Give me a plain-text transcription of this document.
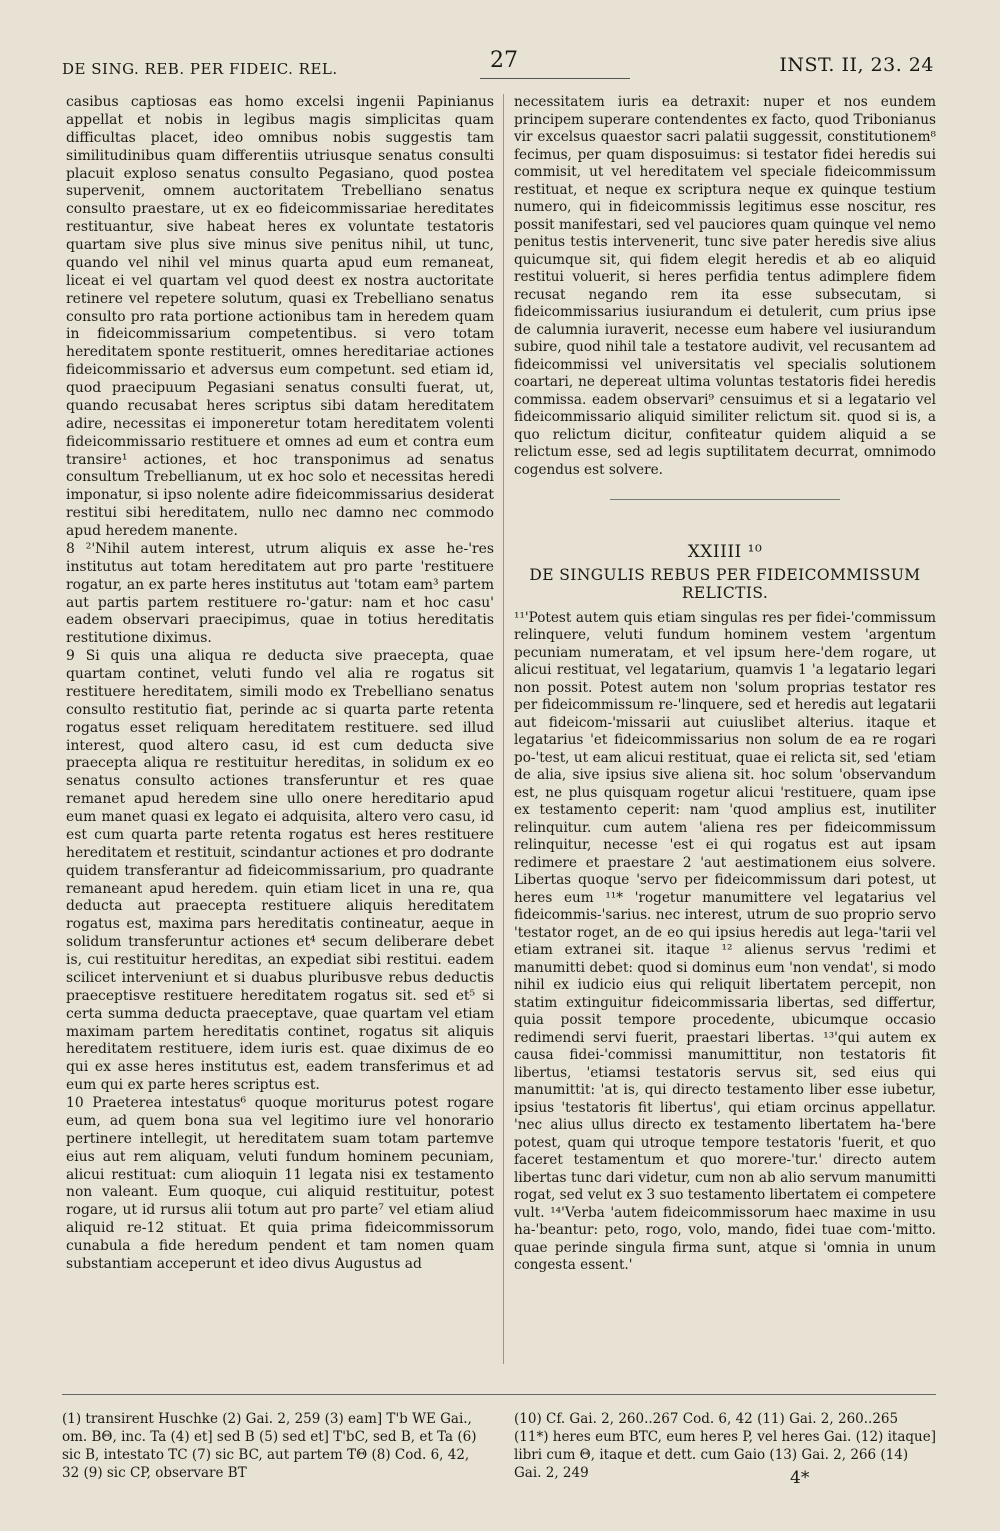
DE SING. REB. PER FIDEIC. REL.	27	INST. II, 23. 24

casibus captiosas eas homo excelsi ingenii Papinianus appellat et nobis in legibus magis simplicitas quam difficultas placet, ideo omnibus nobis suggestis tam similitudinibus quam differentiis utriusque senatus consulti placuit exploso senatus consulto Pegasiano, quod postea supervenit, omnem auctoritatem Trebelliano senatus consulto praestare, ut ex eo fideicommissariae hereditates restituantur, sive habeat heres ex voluntate testatoris quartam sive plus sive minus sive penitus nihil, ut tunc, quando vel nihil vel minus quarta apud eum remaneat, liceat ei vel quartam vel quod deest ex nostra auctoritate retinere vel repetere solutum, quasi ex Trebelliano senatus consulto pro rata portione actionibus tam in heredem quam in fideicommissarium competentibus. si vero totam hereditatem sponte restituerit, omnes hereditariae actiones fideicommissario et adversus eum competunt. sed etiam id, quod praecipuum Pegasiani senatus consulti fuerat, ut, quando recusabat heres scriptus sibi datam hereditatem adire, necessitas ei imponeretur totam hereditatem volenti fideicommissario restituere et omnes ad eum et contra eum transire¹ actiones, et hoc transponimus ad senatus consultum Trebellianum, ut ex hoc solo et necessitas heredi imponatur, si ipso nolente adire fideicommissarius desiderat restitui sibi hereditatem, nullo nec damno nec commodo apud heredem manente.

8 ²'Nihil autem interest, utrum aliquis ex asse he-'res institutus aut totam hereditatem aut pro parte 'restituere rogatur, an ex parte heres institutus aut 'totam eam³ partem aut partis partem restituere ro-'gatur: nam et hoc casu' eadem observari praecipimus, quae in totius hereditatis restitutione diximus.

9 Si quis una aliqua re deducta sive praecepta, quae quartam continet, veluti fundo vel alia re rogatus sit restituere hereditatem, simili modo ex Trebelliano senatus consulto restitutio fiat, perinde ac si quarta parte retenta rogatus esset reliquam hereditatem restituere. sed illud interest, quod altero casu, id est cum deducta sive praecepta aliqua re restituitur hereditas, in solidum ex eo senatus consulto actiones transferuntur et res quae remanet apud heredem sine ullo onere hereditario apud eum manet quasi ex legato ei adquisita, altero vero casu, id est cum quarta parte retenta rogatus est heres restituere hereditatem et restituit, scindantur actiones et pro dodrante quidem transferantur ad fideicommissarium, pro quadrante remaneant apud heredem. quin etiam licet in una re, qua deducta aut praecepta restituere aliquis hereditatem rogatus est, maxima pars hereditatis contineatur, aeque in solidum transferuntur actiones et⁴ secum deliberare debet is, cui restituitur hereditas, an expediat sibi restitui. eadem scilicet interveniunt et si duabus pluribusve rebus deductis praeceptisve restituere hereditatem rogatus sit. sed et⁵ si certa summa deducta praeceptave, quae quartam vel etiam maximam partem hereditatis continet, rogatus sit aliquis hereditatem restituere, idem iuris est. quae diximus de eo qui ex asse heres institutus est, eadem transferimus et ad eum qui ex parte heres scriptus est.

10 Praeterea intestatus⁶ quoque moriturus potest rogare eum, ad quem bona sua vel legitimo iure vel honorario pertinere intellegit, ut hereditatem suam totam partemve eius aut rem aliquam, veluti fundum hominem pecuniam, alicui restituat: cum alioquin 11 legata nisi ex testamento non valeant. Eum quoque, cui aliquid restituitur, potest rogare, ut id rursus alii totum aut pro parte⁷ vel etiam aliud aliquid re-12 stituat. Et quia prima fideicommissorum cunabula a fide heredum pendent et tam nomen quam substantiam acceperunt et ideo divus Augustus ad

necessitatem iuris ea detraxit: nuper et nos eundem principem superare contendentes ex facto, quod Tribonianus vir excelsus quaestor sacri palatii suggessit, constitutionem⁸ fecimus, per quam disposuimus: si testator fidei heredis sui commisit, ut vel hereditatem vel speciale fideicommissum restituat, et neque ex scriptura neque ex quinque testium numero, qui in fideicommissis legitimus esse noscitur, res possit manifestari, sed vel pauciores quam quinque vel nemo penitus testis intervenerit, tunc sive pater heredis sive alius quicumque sit, qui fidem elegit heredis et ab eo aliquid restitui voluerit, si heres perfidia tentus adimplere fidem recusat negando rem ita esse subsecutam, si fideicommissarius iusiurandum ei detulerit, cum prius ipse de calumnia iuraverit, necesse eum habere vel iusiurandum subire, quod nihil tale a testatore audivit, vel recusantem ad fideicommissi vel universitatis vel specialis solutionem coartari, ne depereat ultima voluntas testatoris fidei heredis commissa. eadem observari⁹ censuimus et si a legatario vel fideicommissario aliquid similiter relictum sit. quod si is, a quo relictum dicitur, confiteatur quidem aliquid a se relictum esse, sed ad legis suptilitatem decurrat, omnimodo cogendus est solvere.

XXIIII ¹⁰
DE SINGULIS REBUS PER FIDEICOMMISSUM RELICTIS.

¹¹'Potest autem quis etiam singulas res per fidei-'commissum relinquere, veluti fundum hominem vestem 'argentum pecuniam numeratam, et vel ipsum here-'dem rogare, ut alicui restituat, vel legatarium, quamvis 1 'a legatario legari non possit. Potest autem non 'solum proprias testator res per fideicommissum re-'linquere, sed et heredis aut legatarii aut fideicom-'missarii aut cuiuslibet alterius. itaque et legatarius 'et fideicommissarius non solum de ea re rogari po-'test, ut eam alicui restituat, quae ei relicta sit, sed 'etiam de alia, sive ipsius sive aliena sit. hoc solum 'observandum est, ne plus quisquam rogetur alicui 'restituere, quam ipse ex testamento ceperit: nam 'quod amplius est, inutiliter relinquitur. cum autem 'aliena res per fideicommissum relinquitur, necesse 'est ei qui rogatus est aut ipsam redimere et praestare 2 'aut aestimationem eius solvere. Libertas quoque 'servo per fideicommissum dari potest, ut heres eum ¹¹* 'rogetur manumittere vel legatarius vel fideicommis-'sarius. nec interest, utrum de suo proprio servo 'testator roget, an de eo qui ipsius heredis aut lega-'tarii vel etiam extranei sit. itaque ¹² alienus servus 'redimi et manumitti debet: quod si dominus eum 'non vendat', si modo nihil ex iudicio eius qui reliquit libertatem percepit, non statim extinguitur fideicommissaria libertas, sed differtur, quia possit tempore procedente, ubicumque occasio redimendi servi fuerit, praestari libertas. ¹³'qui autem ex causa fidei-'commissi manumittitur, non testatoris fit libertus, 'etiamsi testatoris servus sit, sed eius qui manumittit: 'at is, qui directo testamento liber esse iubetur, ipsius 'testatoris fit libertus', qui etiam orcinus appellatur. 'nec alius ullus directo ex testamento libertatem ha-'bere potest, quam qui utroque tempore testatoris 'fuerit, et quo faceret testamentum et quo morere-'tur.' directo autem libertas tunc dari videtur, cum non ab alio servum manumitti rogat, sed velut ex 3 suo testamento libertatem ei competere vult. ¹⁴'Verba 'autem fideicommissorum haec maxime in usu ha-'beantur: peto, rogo, volo, mando, fidei tuae com-'mitto. quae perinde singula firma sunt, atque si 'omnia in unum congesta essent.'

(1) transirent Huschke (2) Gai. 2, 259 (3) eam] T'b WE Gai., om. BΘ, inc. Ta (4) et] sed B (5) sed et] T'bC, sed B, et Ta (6) sic B, intestato TC (7) sic BC, aut partem TΘ (8) Cod. 6, 42, 32 (9) sic CP, observare BT
(10) Cf. Gai. 2, 260..267 Cod. 6, 42 (11) Gai. 2, 260..265 (11*) heres eum BTC, eum heres P, vel heres Gai. (12) itaque] libri cum Θ, itaque et dett. cum Gaio (13) Gai. 2, 266 (14) Gai. 2, 249	4*
